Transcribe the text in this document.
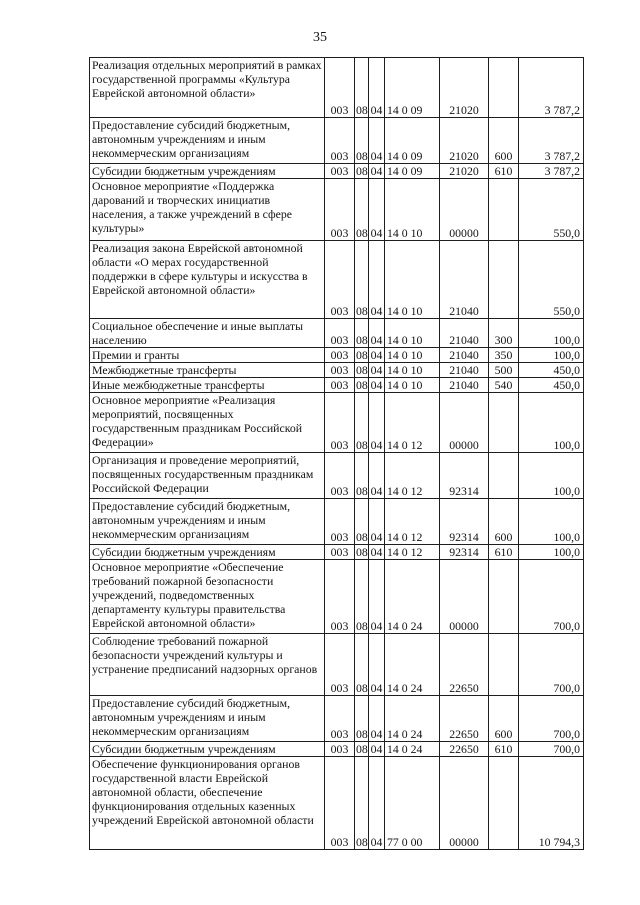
35
Реализация отдельных мероприятий в рамках государственной программы «Культура Еврейской автономной области»	003	08	04	14 0 09	21020		3 787,2
Предоставление субсидий бюджетным, автономным учреждениям и иным некоммерческим организациям	003	08	04	14 0 09	21020	600	3 787,2
Субсидии бюджетным учреждениям	003	08	04	14 0 09	21020	610	3 787,2
Основное мероприятие «Поддержка дарований и творческих инициатив населения, а также учреждений в сфере культуры»	003	08	04	14 0 10	00000		550,0
Реализация закона Еврейской автономной области «О мерах государственной поддержки в сфере культуры и искусства в Еврейской автономной области»	003	08	04	14 0 10	21040		550,0
Социальное обеспечение и иные выплаты населению	003	08	04	14 0 10	21040	300	100,0
Премии и гранты	003	08	04	14 0 10	21040	350	100,0
Межбюджетные трансферты	003	08	04	14 0 10	21040	500	450,0
Иные межбюджетные трансферты	003	08	04	14 0 10	21040	540	450,0
Основное мероприятие «Реализация мероприятий, посвященных государственным праздникам Российской Федерации»	003	08	04	14 0 12	00000		100,0
Организация и проведение мероприятий, посвященных государственным праздникам Российской Федерации	003	08	04	14 0 12	92314		100,0
Предоставление субсидий бюджетным, автономным учреждениям и иным некоммерческим организациям	003	08	04	14 0 12	92314	600	100,0
Субсидии бюджетным учреждениям	003	08	04	14 0 12	92314	610	100,0
Основное мероприятие «Обеспечение требований пожарной безопасности учреждений, подведомственных департаменту культуры правительства Еврейской автономной области»	003	08	04	14 0 24	00000		700,0
Соблюдение требований пожарной безопасности учреждений культуры и устранение предписаний надзорных органов	003	08	04	14 0 24	22650		700,0
Предоставление субсидий бюджетным, автономным учреждениям и иным некоммерческим организациям	003	08	04	14 0 24	22650	600	700,0
Субсидии бюджетным учреждениям	003	08	04	14 0 24	22650	610	700,0
Обеспечение функционирования органов государственной власти Еврейской автономной области, обеспечение функционирования отдельных казенных учреждений Еврейской автономной области	003	08	04	77 0 00	00000		10 794,3
